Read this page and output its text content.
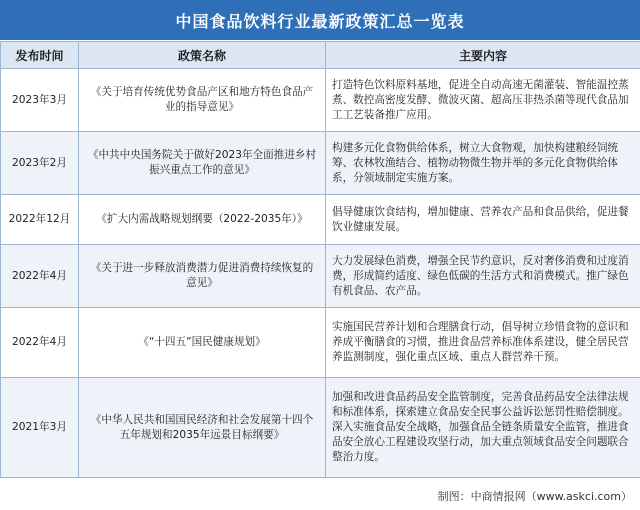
中国食品饮料行业最新政策汇总一览表
发布时间	政策名称	主要内容
2023年3月	《关于培育传统优势食品产区和地方特色食品产业的指导意见》	打造特色饮料原料基地，促进全自动高速无菌灌装、智能温控蒸煮、数控高密度发酵、微波灭菌、超高压非热杀菌等现代食品加工工艺装备推广应用。
2023年2月	《中共中央国务院关于做好2023年全面推进乡村振兴重点工作的意见》	构建多元化食物供给体系，树立大食物观，加快构建粮经饲统筹、农林牧渔结合、植物动物微生物并举的多元化食物供给体系，分领域制定实施方案。
2022年12月	《扩大内需战略规划纲要（2022-2035年）》	倡导健康饮食结构，增加健康、营养农产品和食品供给，促进餐饮业健康发展。
2022年4月	《关于进一步释放消费潜力促进消费持续恢复的意见》	大力发展绿色消费，增强全民节约意识，反对奢侈消费和过度消费，形成简约适度、绿色低碳的生活方式和消费模式。推广绿色有机食品、农产品。
2022年4月	《“十四五”国民健康规划》	实施国民营养计划和合理膳食行动，倡导树立珍惜食物的意识和养成平衡膳食的习惯，推进食品营养标准体系建设，健全居民营养监测制度，强化重点区域、重点人群营养干预。
2021年3月	《中华人民共和国国民经济和社会发展第十四个五年规划和2035年远景目标纲要》	加强和改进食品药品安全监管制度，完善食品药品安全法律法规和标准体系，探索建立食品安全民事公益诉讼惩罚性赔偿制度。深入实施食品安全战略，加强食品全链条质量安全监管，推进食品安全放心工程建设攻坚行动，加大重点领域食品安全问题联合整治力度。
制图：中商情报网（www.askci.com）
